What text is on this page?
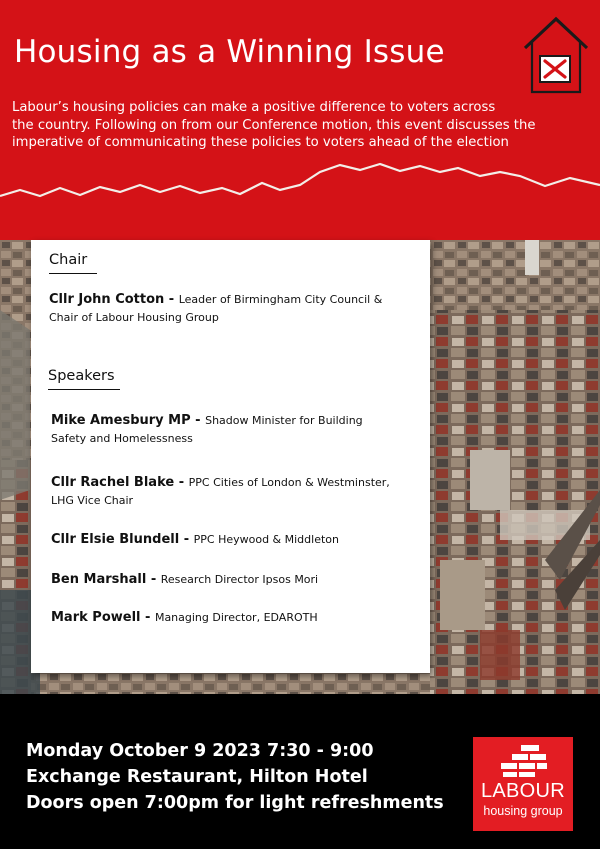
Housing as a Winning Issue
Labour’s housing policies can make a positive difference to voters across
the country. Following on from our Conference motion, this event discusses the
imperative of communicating these policies to voters ahead of the election
Chair
Cllr John Cotton - Leader of Birmingham City Council &
Chair of Labour Housing Group
Speakers
Mike Amesbury MP - Shadow Minister for Building
Safety and Homelessness
Cllr Rachel Blake - PPC Cities of London & Westminster,
LHG Vice Chair
Cllr Elsie Blundell - PPC Heywood & Middleton
Ben Marshall - Research Director Ipsos Mori
Mark Powell - Managing Director, EDAROTH

Monday October 9 2023 7:30 - 9:00

Exchange Restaurant, Hilton Hotel

Doors open 7:00pm for light refreshments

LABOUR
housing group
